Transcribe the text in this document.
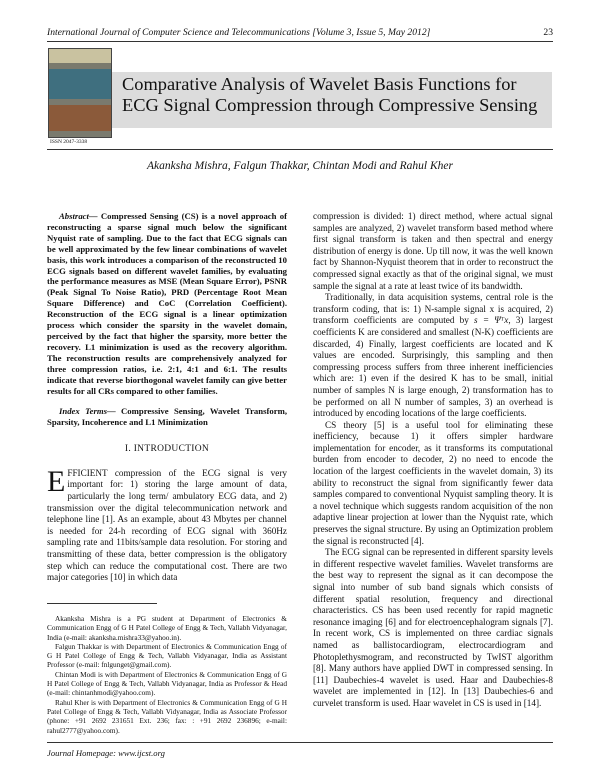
International Journal of Computer Science and Telecommunications [Volume 3, Issue 5, May 2012]	23
ISSN 2047-3338
Comparative Analysis of Wavelet Basis Functions for
ECG Signal Compression through Compressive Sensing
Akanksha Mishra, Falgun Thakkar, Chintan Modi and Rahul Kher
Abstract— Compressed Sensing (CS) is a novel approach of reconstructing a sparse signal much below the significant Nyquist rate of sampling. Due to the fact that ECG signals can be well approximated by the few linear combinations of wavelet basis, this work introduces a comparison of the reconstructed 10 ECG signals based on different wavelet families, by evaluating the performance measures as MSE (Mean Square Error), PSNR (Peak Signal To Noise Ratio), PRD (Percentage Root Mean Square Difference) and CoC (Correlation Coefficient). Reconstruction of the ECG signal is a linear optimization process which consider the sparsity in the wavelet domain, perceived by the fact that higher the sparsity, more better the recovery. L1 minimization is used as the recovery algorithm. The reconstruction results are comprehensively analyzed for three compression ratios, i.e. 2:1, 4:1 and 6:1. The results indicate that reverse biorthogonal wavelet family can give better results for all CRs compared to other families.
Index Terms— Compressive Sensing, Wavelet Transform, Sparsity, Incoherence and L1 Minimization
I. INTRODUCTION

EFFICIENT compression of the ECG signal is very important for: 1) storing the large amount of data, particularly the long term/ ambulatory ECG data, and 2) transmission over the digital telecommunication network and telephone line [1]. As an example, about 43 Mbytes per channel is needed for 24-h recording of ECG signal with 360Hz sampling rate and 11bits/sample data resolution. For storing and transmitting of these data, better compression is the obligatory step which can reduce the computational cost. There are two major categories [10] in which data

Akanksha Mishra is a PG student at Department of Electronics & Communication Engg of G H Patel College of Engg & Tech, Vallabh Vidyanagar, India (e-mail: akanksha.mishra33@yahoo.in).

Falgun Thakkar is with Department of Electronics & Communication Engg of G H Patel College of Engg & Tech, Vallabh Vidyanagar, India as Assistant Professor (e-mail: fnlgunget@gmail.com).

Chintan Modi is with Department of Electronics & Communication Engg of G H Patel College of Engg & Tech, Vallabh Vidyanagar, India as Professor & Head (e-mail: chintanhmodi@yahoo.com).

Rahul Kher is with Department of Electronics & Communication Engg of G H Patel College of Engg & Tech, Vallabh Vidyanagar, India as Associate Professor (phone: +91 2692 231651 Ext. 236; fax: : +91 2692 236896; e-mail: rahul2777@yahoo.com).

compression is divided: 1) direct method, where actual signal samples are analyzed, 2) wavelet transform based method where first signal transform is taken and then spectral and energy distribution of energy is done. Up till now, it was the well known fact by Shannon-Nyquist theorem that in order to reconstruct the compressed signal exactly as that of the original signal, we must sample the signal at a rate at least twice of its bandwidth.

Traditionally, in data acquisition systems, central role is the transform coding, that is: 1) N-sample signal x is acquired, 2) transform coefficients are computed by s = Ψᵀx, 3) largest coefficients K are considered and smallest (N-K) coefficients are discarded, 4) Finally, largest coefficients are located and K values are encoded. Surprisingly, this sampling and then compressing process suffers from three inherent inefficiencies which are: 1) even if the desired K has to be small, initial number of samples N is large enough, 2) transformation has to be performed on all N number of samples, 3) an overhead is introduced by encoding locations of the large coefficients.

CS theory [5] is a useful tool for eliminating these inefficiency, because 1) it offers simpler hardware implementation for encoder, as it transforms its computational burden from encoder to decoder, 2) no need to encode the location of the largest coefficients in the wavelet domain, 3) its ability to reconstruct the signal from significantly fewer data samples compared to conventional Nyquist sampling theory. It is a novel technique which suggests random acquisition of the non adaptive linear projection at lower than the Nyquist rate, which preserves the signal structure. By using an Optimization problem the signal is reconstructed [4].

The ECG signal can be represented in different sparsity levels in different respective wavelet families. Wavelet transforms are the best way to represent the signal as it can decompose the signal into number of sub band signals which consists of different spatial resolution, frequency and directional characteristics. CS has been used recently for rapid magnetic resonance imaging [6] and for electroencephalogram signals [7]. In recent work, CS is implemented on three cardiac signals named as ballistocardiogram, electrocardiogram and Photoplethysmogram, and reconstructed by TwIST algorithm [8]. Many authors have applied DWT in compressed sensing. In [11] Daubechies-4 wavelet is used. Haar and Daubechies-8 wavelet are implemented in [12]. In [13] Daubechies-6 and curvelet transform is used. Haar wavelet in CS is used in [14].

Journal Homepage: www.ijcst.org
